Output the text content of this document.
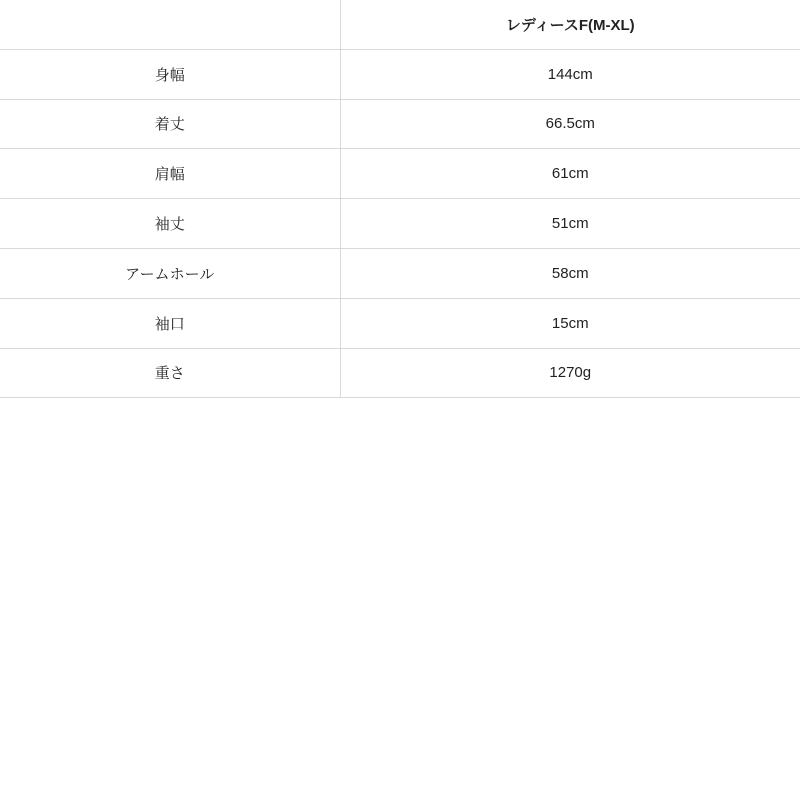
	レディースF(M-XL)
身幅	144cm
着丈	66.5cm
肩幅	61cm
袖丈	51cm
アームホール	58cm
袖口	15cm
重さ	1270g
